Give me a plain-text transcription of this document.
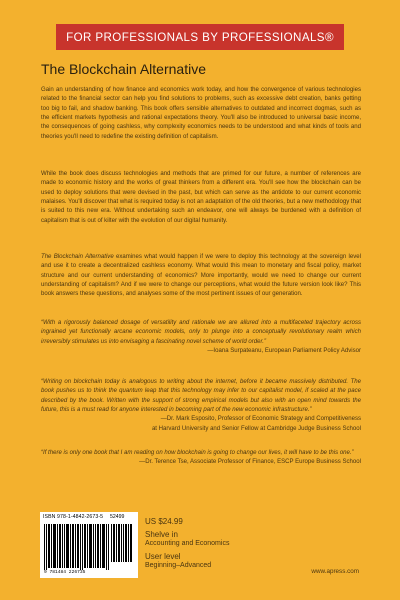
FOR PROFESSIONALS BY PROFESSIONALS®
The Blockchain Alternative
Gain an understanding of how finance and economics work today, and how the convergence of various technologies related to the financial sector can help you find solutions to problems, such as excessive debt creation, banks getting too big to fail, and shadow banking. This book offers sensible alternatives to outdated and incorrect dogmas, such as the efficient markets hypothesis and rational expectations theory. You'll also be introduced to universal basic income, the consequences of going cashless, why complexity economics needs to be understood and what kinds of tools and theories you'll need to redefine the existing definition of capitalism.
While the book does discuss technologies and methods that are primed for our future, a number of references are made to economic history and the works of great thinkers from a different era. You'll see how the blockchain can be used to deploy solutions that were devised in the past, but which can serve as the antidote to our current economic malaises. You'll discover that what is required today is not an adaptation of the old theories, but a new methodology that is suited to this new era. Without undertaking such an endeavor, one will always be burdened with a definition of capitalism that is out of kilter with the evolution of our digital humanity.
The Blockchain Alternative examines what would happen if we were to deploy this technology at the sovereign level and use it to create a decentralized cashless economy. What would this mean to monetary and fiscal policy, market structure and our current understanding of economics? More importantly, would we need to change our current understanding of capitalism? And if we were to change our perceptions, what would the future version look like? This book answers these questions, and analyses some of the most pertinent issues of our generation.
“With a rigorously balanced dosage of versatility and rationale we are allured into a multifaceted trajectory across ingrained yet functionally arcane economic models, only to plunge into a conceptually revolutionary realm which irreversibly stimulates us into envisaging a fascinating novel scheme of world order.”
—Ioana Surpateanu, European Parliament Policy Advisor
“Writing on blockchain today is analogous to writing about the internet, before it became massively distributed. The book pushes us to think the quantum leap that this technology may infer to our capitalist model, if scaled at the pace described by the book. Written with the support of strong empirical models but also with an open mind towards the future, this is a must read for anyone interested in becoming part of the new economic infrastructure.”
—Dr. Mark Esposito, Professor of Economic Strategy and Competitiveness
at Harvard University and Senior Fellow at Cambridge Judge Business School
“If there is only one book that I am reading on how blockchain is going to change our lives, it will have to be this one.”
—Dr. Terence Tse, Associate Professor of Finance, ESCP Europe Business School
ISBN 978-1-4842-2673-5 52499
9 781484 226735
US $24.99
Shelve in
Accounting and Economics
User level
Beginning–Advanced
www.apress.com
